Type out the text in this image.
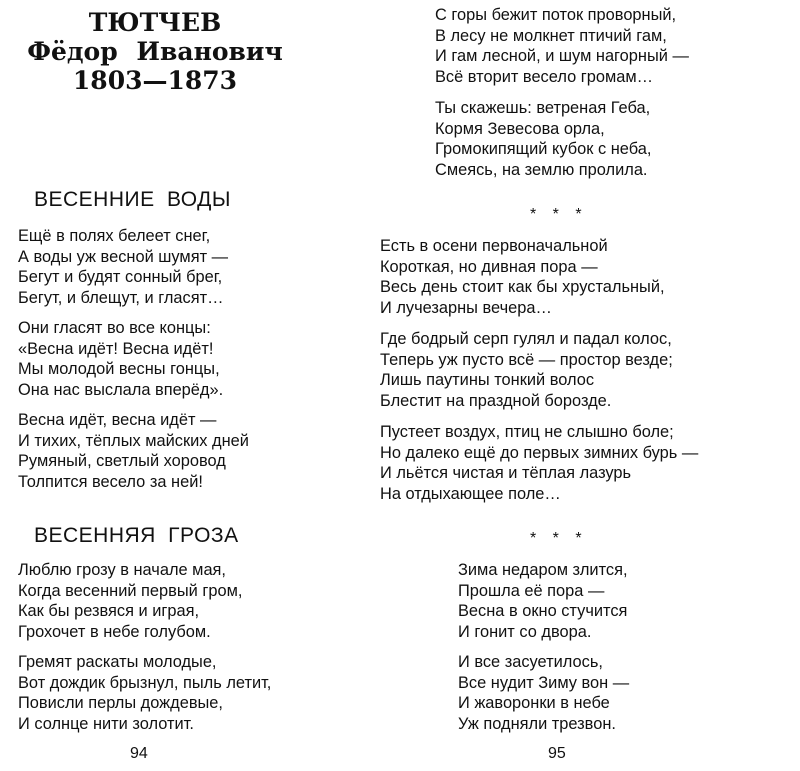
ТЮТЧЕВ
Фёдор Иванович
1803—1873
ВЕСЕННИЕ ВОДЫ
Ещё в полях белеет снег,
А воды уж весной шумят —
Бегут и будят сонный брег,
Бегут, и блещут, и гласят…
Они гласят во все концы:
«Весна идёт! Весна идёт!
Мы молодой весны гонцы,
Она нас выслала вперёд».
Весна идёт, весна идёт —
И тихих, тёплых майских дней
Румяный, светлый хоровод
Толпится весело за ней!
ВЕСЕННЯЯ ГРОЗА
Люблю грозу в начале мая,
Когда весенний первый гром,
Как бы резвяся и играя,
Грохочет в небе голубом.
Гремят раскаты молодые,
Вот дождик брызнул, пыль летит,
Повисли перлы дождевые,
И солнце нити золотит.
94
С горы бежит поток проворный,
В лесу не молкнет птичий гам,
И гам лесной, и шум нагорный —
Всё вторит весело громам…
Ты скажешь: ветреная Геба,
Кормя Зевесова орла,
Громокипящий кубок с неба,
Смеясь, на землю пролила.
* * *
Есть в осени первоначальной
Короткая, но дивная пора —
Весь день стоит как бы хрустальный,
И лучезарны вечера…
Где бодрый серп гулял и падал колос,
Теперь уж пусто всё — простор везде;
Лишь паутины тонкий волос
Блестит на праздной борозде.
Пустеет воздух, птиц не слышно боле;
Но далеко ещё до первых зимних бурь —
И льётся чистая и тёплая лазурь
На отдыхающее поле…
* * *
Зима недаром злится,
Прошла её пора —
Весна в окно стучится
И гонит со двора.
И все засуетилось,
Все нудит Зиму вон —
И жаворонки в небе
Уж подняли трезвон.
95
